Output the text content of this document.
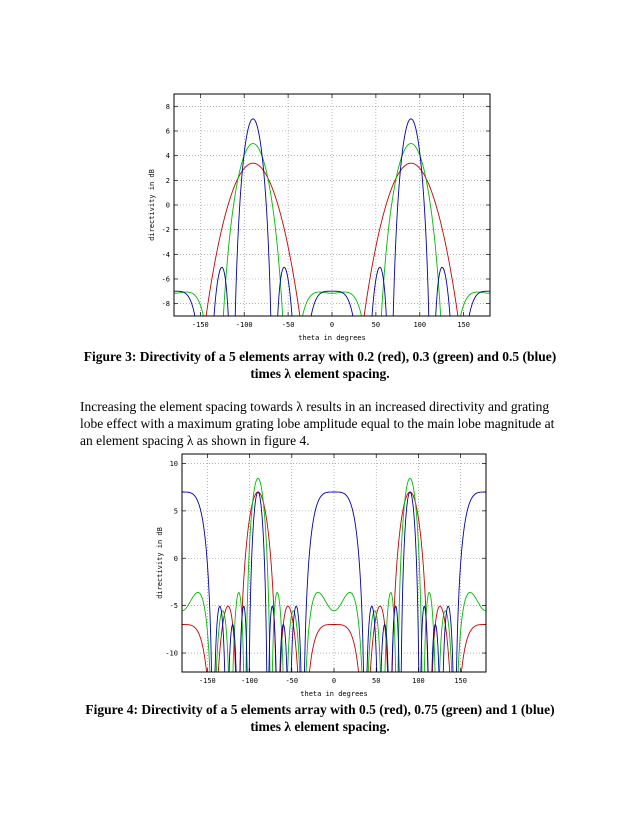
-150	-100	-50	0	50	100	150
-8
-6
-4
-2
0
2
4
6
8
theta in degrees
directivity in dB

Figure 3: Directivity of a 5 elements array with 0.2 (red), 0.3 (green) and 0.5 (blue)
times λ element spacing.

Increasing the element spacing towards λ results in an increased directivity and grating
lobe effect with a maximum grating lobe amplitude equal to the main lobe magnitude at
an element spacing λ as shown in figure 4.

-150	-100	-50	0	50	100	150
-10
-5
0
5
10
theta in degrees
directivity in dB

Figure 4: Directivity of a 5 elements array with 0.5 (red), 0.75 (green) and 1 (blue)
times λ element spacing.
